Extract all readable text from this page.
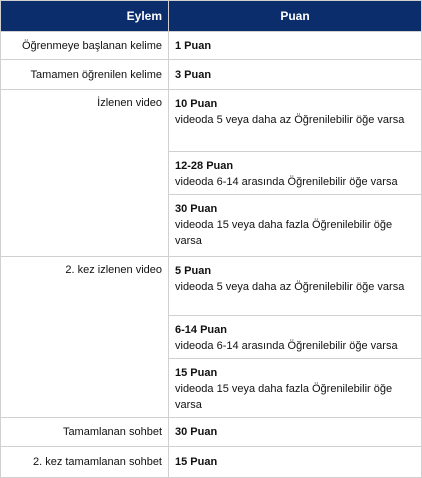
Eylem	Puan
Öğrenmeye başlanan kelime	1 Puan

Tamamen öğrenilen kelime	3 Puan

İzlenen video	10 Puan
videoda 5 veya daha az Öğrenilebilir öğe varsa

	12-28 Puan
videoda 6-14 arasında Öğrenilebilir öğe varsa

	30 Puan
videoda 15 veya daha fazla Öğrenilebilir öğe varsa

2. kez izlenen video	5 Puan
videoda 5 veya daha az Öğrenilebilir öğe varsa

	6-14 Puan
videoda 6-14 arasında Öğrenilebilir öğe varsa

	15 Puan
videoda 15 veya daha fazla Öğrenilebilir öğe varsa

Tamamlanan sohbet	30 Puan

2. kez tamamlanan sohbet	15 Puan
